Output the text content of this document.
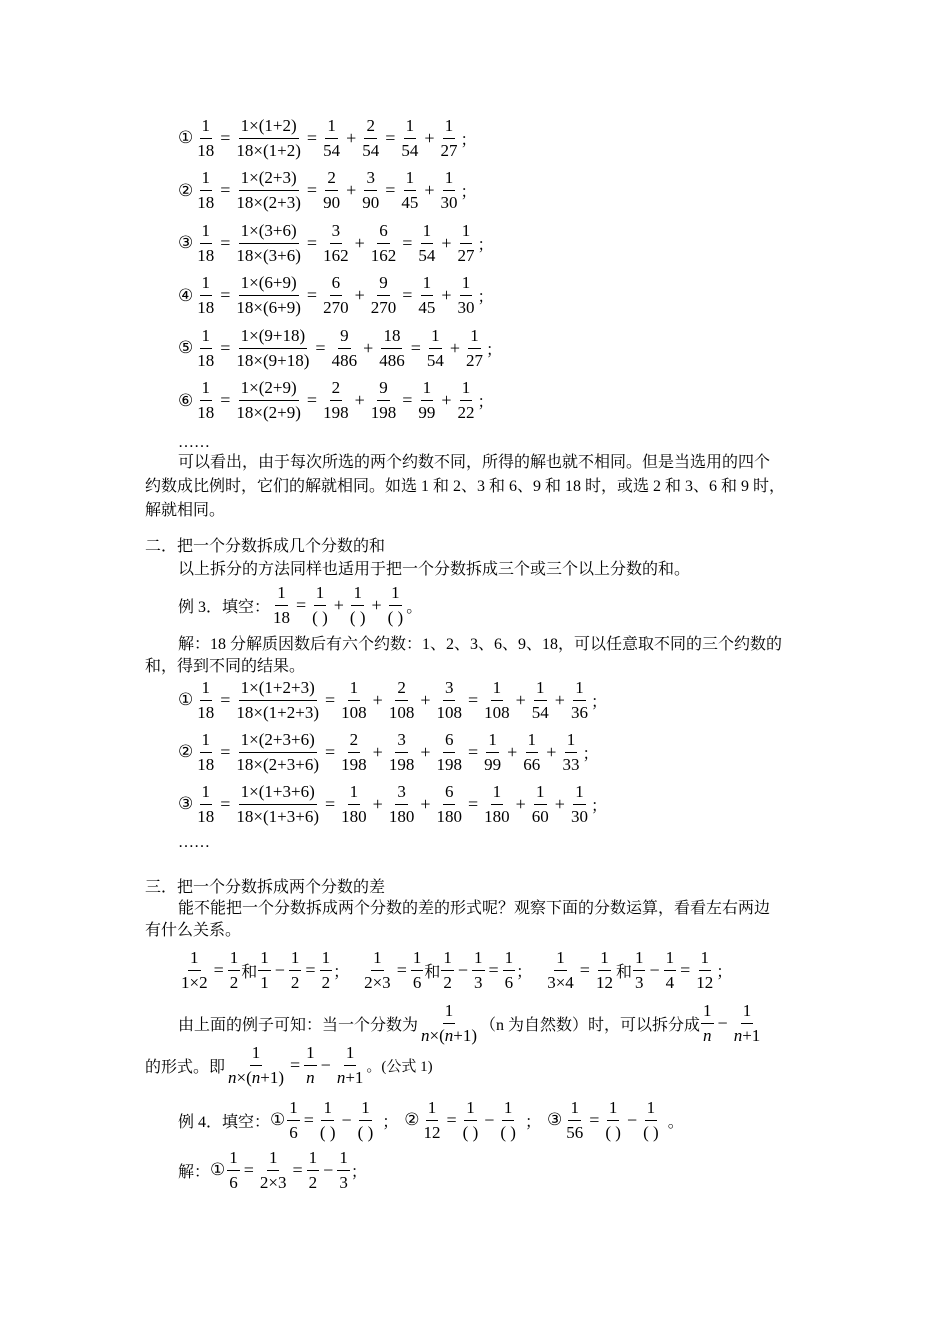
① $\frac{1}{18} = \frac{1\times(1+2)}{18\times(1+2)} = \frac{1}{54} + \frac{2}{54} = \frac{1}{54} + \frac{1}{27}$ ；
② $\frac{1}{18} = \frac{1\times(2+3)}{18\times(2+3)} = \frac{2}{90} + \frac{3}{90} = \frac{1}{45} + \frac{1}{30}$ ；
③ $\frac{1}{18} = \frac{1\times(3+6)}{18\times(3+6)} = \frac{3}{162} + \frac{6}{162} = \frac{1}{54} + \frac{1}{27}$ ；
④ $\frac{1}{18} = \frac{1\times(6+9)}{18\times(6+9)} = \frac{6}{270} + \frac{9}{270} = \frac{1}{45} + \frac{1}{30}$ ；
⑤ $\frac{1}{18} = \frac{1\times(9+18)}{18\times(9+18)} = \frac{9}{486} + \frac{18}{486} = \frac{1}{54} + \frac{1}{27}$ ；
⑥ $\frac{1}{18} = \frac{1\times(2+9)}{18\times(2+9)} = \frac{2}{198} + \frac{9}{198} = \frac{1}{99} + \frac{1}{22}$ ；
……
可以看出，由于每次所选的两个约数不同，所得的解也就不相同。但是当选用的四个
约数成比例时，它们的解就相同。如选 1 和 2、3 和 6、9 和 18 时，或选 2 和 3、6 和 9 时，
解就相同。
二．把一个分数拆成几个分数的和
以上拆分的方法同样也适用于把一个分数拆成三个或三个以上分数的和。
例 3．填空： $\frac{1}{18} = \frac{1}{( )} + \frac{1}{( )} + \frac{1}{( )}$ 。
解：18 分解质因数后有六个约数：1、2、3、6、9、18，可以任意取不同的三个约数的
和，得到不同的结果。
① $\frac{1}{18} = \frac{1\times(1+2+3)}{18\times(1+2+3)} = \frac{1}{108} + \frac{2}{108} + \frac{3}{108} = \frac{1}{108} + \frac{1}{54} + \frac{1}{36}$ ；
② $\frac{1}{18} = \frac{1\times(2+3+6)}{18\times(2+3+6)} = \frac{2}{198} + \frac{3}{198} + \frac{6}{198} = \frac{1}{99} + \frac{1}{66} + \frac{1}{33}$ ；
③ $\frac{1}{18} = \frac{1\times(1+3+6)}{18\times(1+3+6)} = \frac{1}{180} + \frac{3}{180} + \frac{6}{180} = \frac{1}{180} + \frac{1}{60} + \frac{1}{30}$ ；
……
三．把一个分数拆成两个分数的差
能不能把一个分数拆成两个分数的差的形式呢？观察下面的分数运算，看看左右两边
有什么关系。
$\frac{1}{1\times 2} = \frac{1}{2}$ 和 $\frac{1}{1} - \frac{1}{2} = \frac{1}{2}$ ； $\frac{1}{2\times 3} = \frac{1}{6}$ 和 $\frac{1}{2} - \frac{1}{3} = \frac{1}{6}$ ； $\frac{1}{3\times 4} = \frac{1}{12}$ 和 $\frac{1}{3} - \frac{1}{4} = \frac{1}{12}$ ；
由上面的例子可知：当一个分数为 $\frac{1}{n\times(n+1)} (n$ 为自然数）时，可以拆分成 $\frac{1}{n} - \frac{1}{n+1}$
的形式。即 $\frac{1}{n\times(n+1)} = \frac{1}{n} - \frac{1}{n+1}$ 。(公式 1)
例 4．填空： ① $\frac{1}{6} = \frac{1}{( )} - \frac{1}{( )}$ ； ② $\frac{1}{12} = \frac{1}{( )} - \frac{1}{( )}$ ； ③ $\frac{1}{56} = \frac{1}{( )} - \frac{1}{( )}$ 。
解： ① $\frac{1}{6} = \frac{1}{2\times 3} = \frac{1}{2} - \frac{1}{3}$ ；
